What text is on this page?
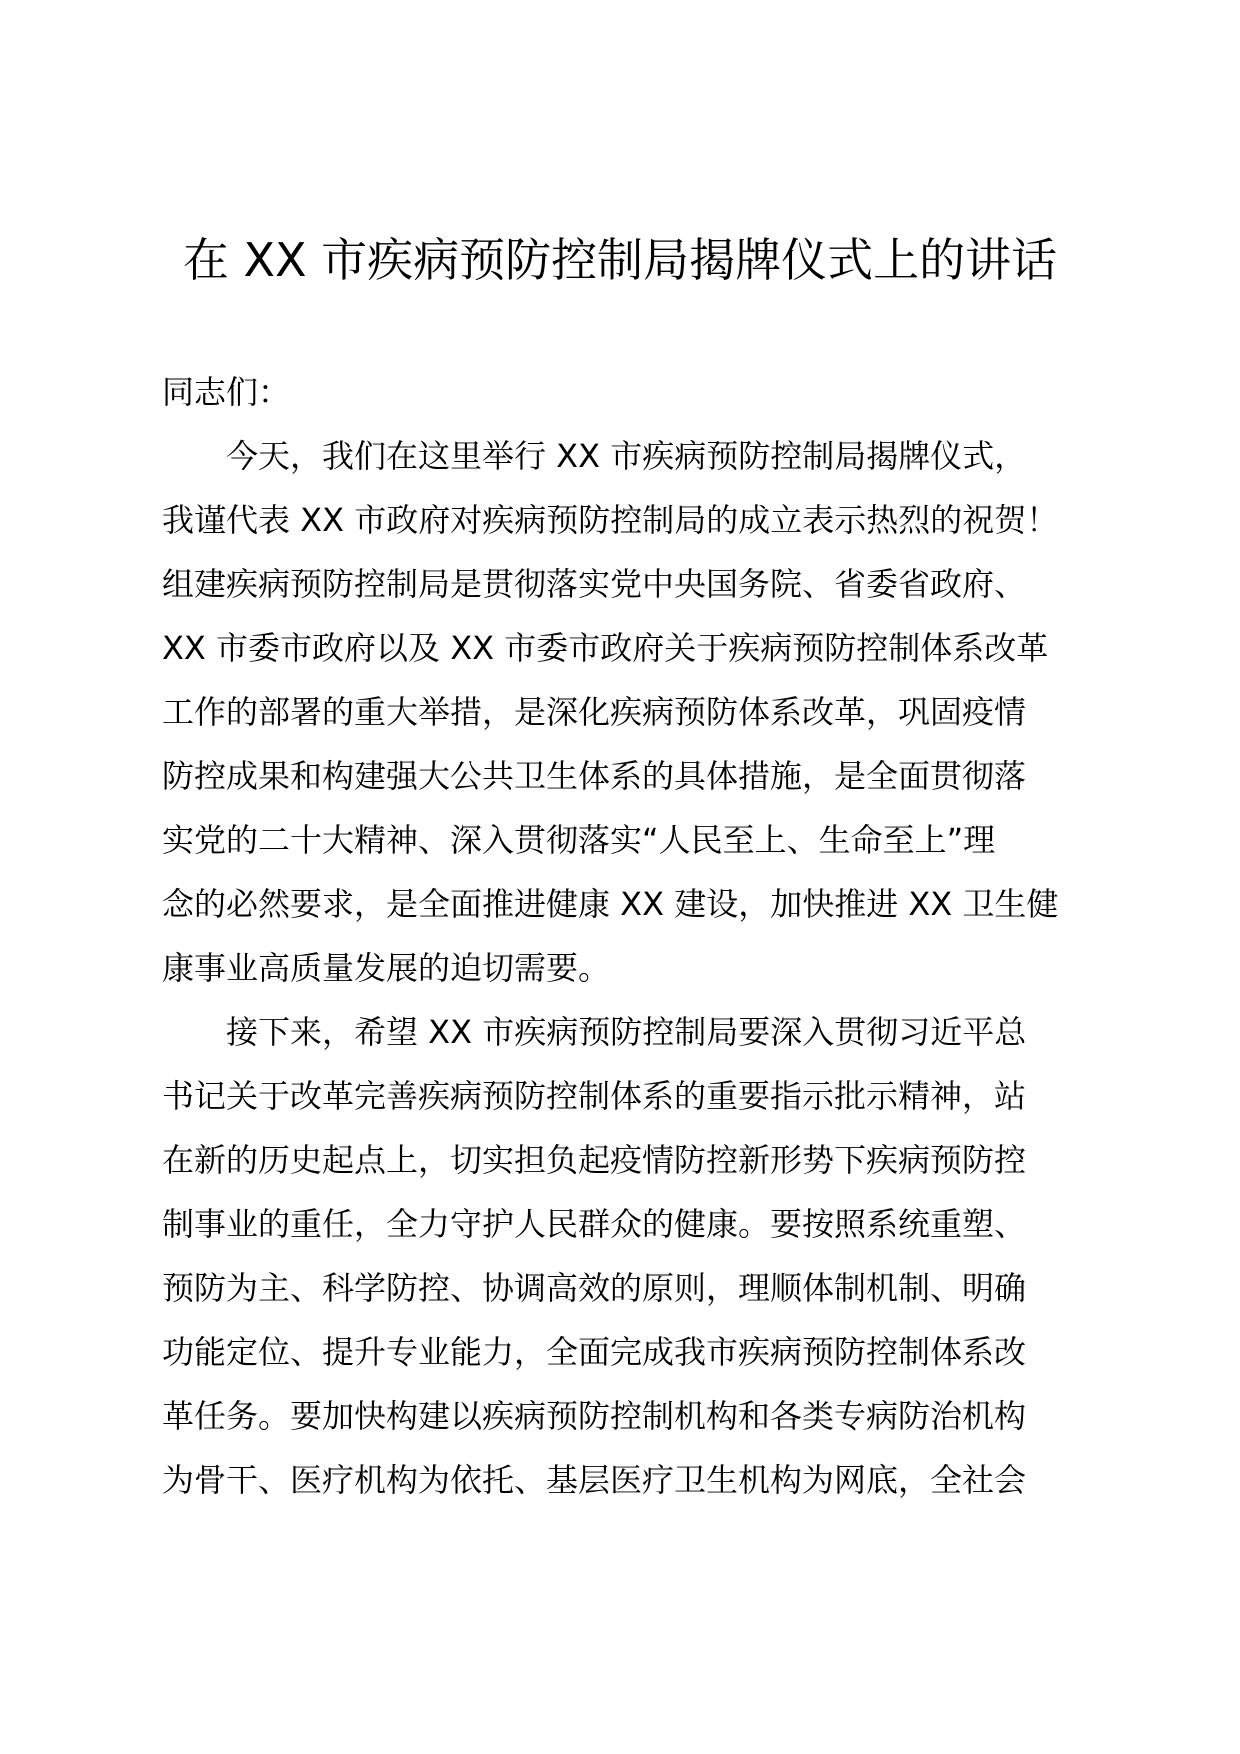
在 XX 市疾病预防控制局揭牌仪式上的讲话

同志们：

今天，我们在这里举行 XX 市疾病预防控制局揭牌仪式，

我谨代表 XX 市政府对疾病预防控制局的成立表示热烈的祝贺！

组建疾病预防控制局是贯彻落实党中央国务院、省委省政府、

XX 市委市政府以及 XX 市委市政府关于疾病预防控制体系改革

工作的部署的重大举措，是深化疾病预防体系改革，巩固疫情

防控成果和构建强大公共卫生体系的具体措施，是全面贯彻落

实党的二十大精神、深入贯彻落实“人民至上、生命至上”理

念的必然要求，是全面推进健康 XX 建设，加快推进 XX 卫生健

康事业高质量发展的迫切需要。

接下来，希望 XX 市疾病预防控制局要深入贯彻习近平总

书记关于改革完善疾病预防控制体系的重要指示批示精神，站

在新的历史起点上，切实担负起疫情防控新形势下疾病预防控

制事业的重任，全力守护人民群众的健康。要按照系统重塑、

预防为主、科学防控、协调高效的原则，理顺体制机制、明确

功能定位、提升专业能力，全面完成我市疾病预防控制体系改

革任务。要加快构建以疾病预防控制机构和各类专病防治机构

为骨干、医疗机构为依托、基层医疗卫生机构为网底，全社会
